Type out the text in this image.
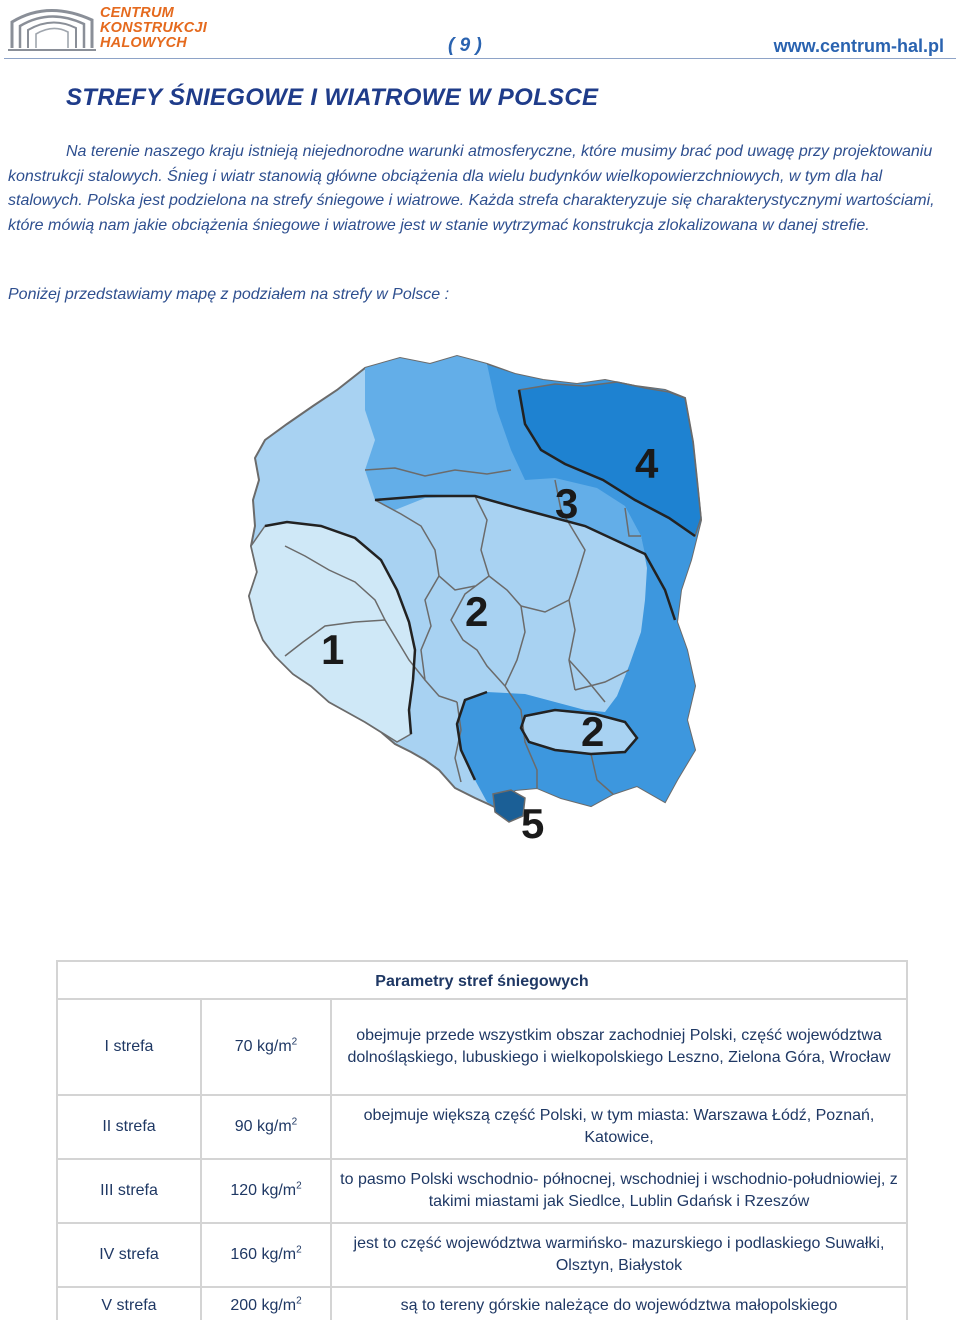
CENTRUM
KONSTRUKCJI
HALOWYCH	( 9 )	www.centrum-hal.pl
STREFY ŚNIEGOWE I WIATROWE W POLSCE

Na terenie naszego kraju istnieją niejednorodne warunki atmosferyczne, które musimy brać pod uwagę przy projektowaniu konstrukcji stalowych. Śnieg i wiatr stanowią główne obciążenia dla wielu budynków wielkopowierzchniowych, w tym dla hal stalowych. Polska jest podzielona na strefy śniegowe i wiatrowe. Każda strefa charakteryzuje się charakterystycznymi wartościami, które mówią nam jakie obciążenia śniegowe i wiatrowe jest w stanie wytrzymać konstrukcja zlokalizowana w danej strefie.

Poniżej przedstawiamy mapę z podziałem na strefy w Polsce :

1
2
3
4
2
5
Parametry stref śniegowych		
I strefa	70 $kg/m^2$	obejmuje przede wszystkim obszar zachodniej Polski, część województwa dolnośląskiego, lubuskiego i wielkopolskiego Leszno, Zielona Góra, Wrocław
II strefa	90 $kg/m^2$	obejmuje większą część Polski, w tym miasta: Warszawa Łódź, Poznań, Katowice,
III strefa	120 $kg/m^2$	to pasmo Polski wschodnio- północnej, wschodniej i wschodnio-południowiej, z takimi miastami jak Siedlce, Lublin Gdańsk i Rzeszów
IV strefa	160 $kg/m^2$	jest to część województwa warmińsko- mazurskiego i podlaskiego Suwałki, Olsztyn, Białystok
V strefa	200 $kg/m^2$	są to tereny górskie należące do województwa małopolskiego
